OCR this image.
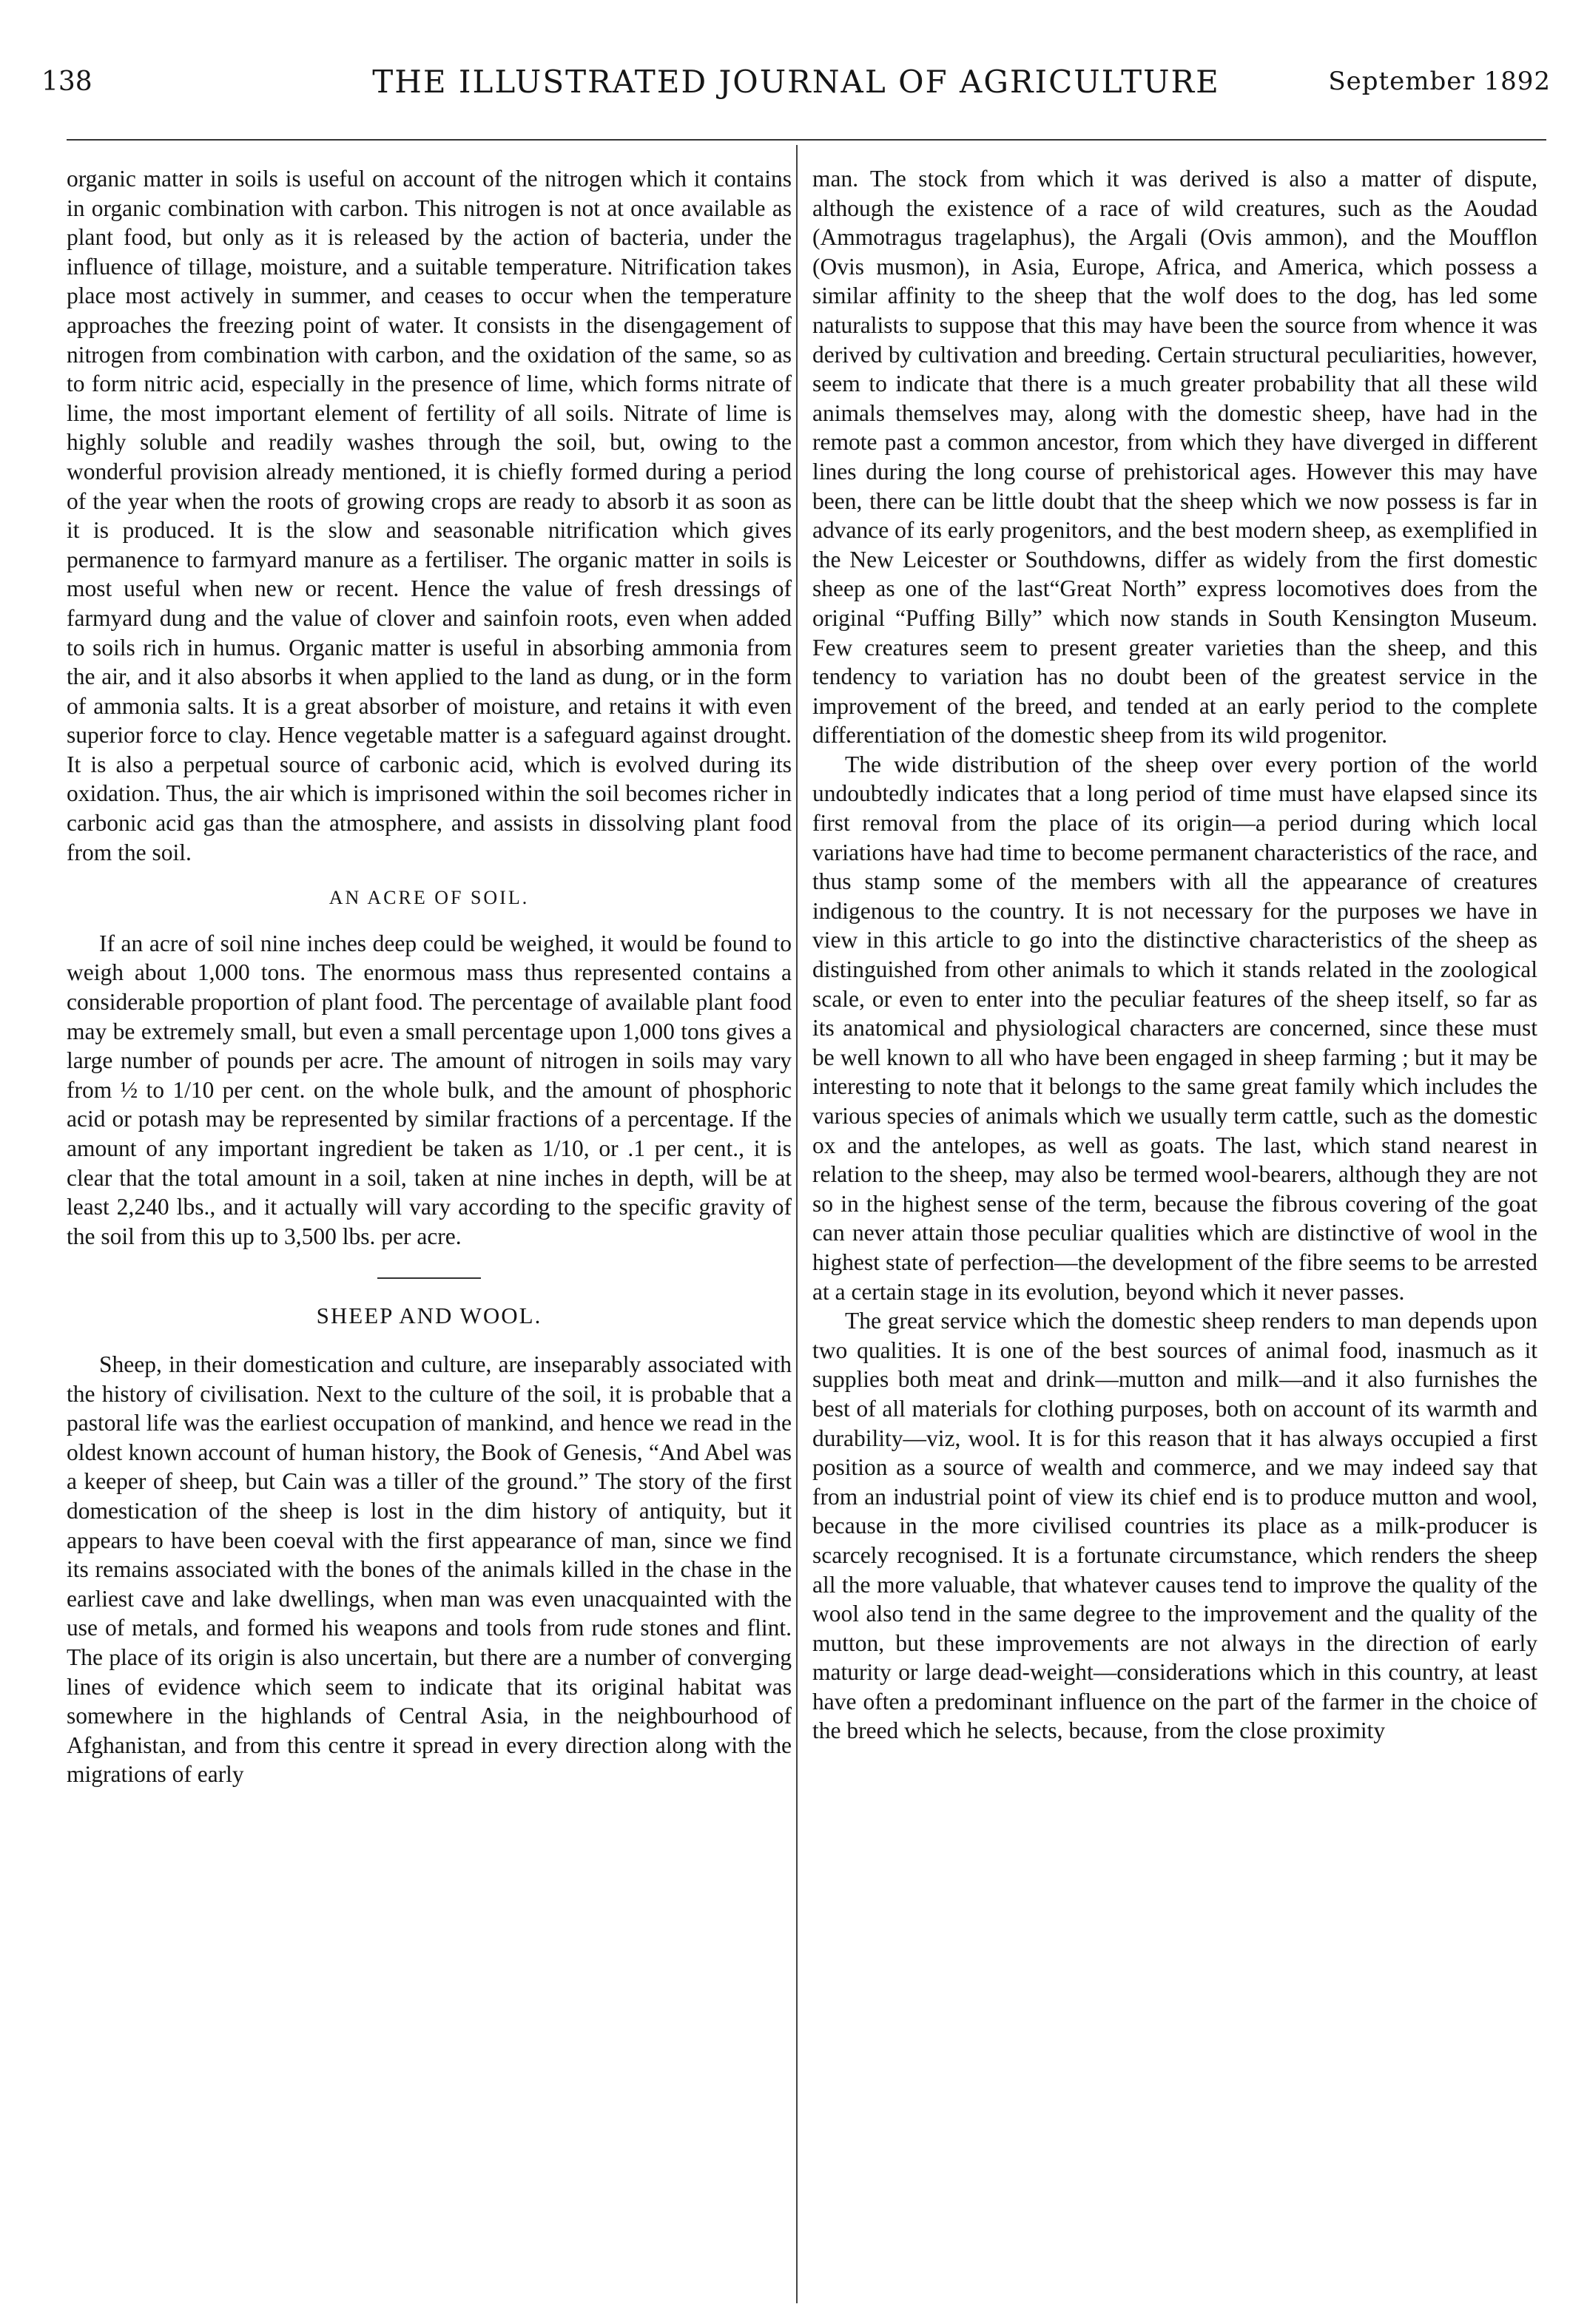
138	THE ILLUSTRATED JOURNAL OF AGRICULTURE	September 1892

organic matter in soils is useful on account of the nitrogen which it contains in organic combination with carbon. This nitrogen is not at once available as plant food, but only as it is released by the action of bacteria, under the influence of tillage, moisture, and a suitable temperature. Nitrification takes place most actively in summer, and ceases to occur when the temperature approaches the freezing point of water. It consists in the disengagement of nitrogen from combination with carbon, and the oxidation of the same, so as to form nitric acid, especially in the presence of lime, which forms nitrate of lime, the most important element of fertility of all soils. Nitrate of lime is highly soluble and readily washes through the soil, but, owing to the wonderful provision already mentioned, it is chiefly formed during a period of the year when the roots of growing crops are ready to absorb it as soon as it is produced. It is the slow and seasonable nitrification which gives permanence to farmyard manure as a fertiliser. The organic matter in soils is most useful when new or recent. Hence the value of fresh dressings of farmyard dung and the value of clover and sainfoin roots, even when added to soils rich in humus. Organic matter is useful in absorbing ammonia from the air, and it also absorbs it when applied to the land as dung, or in the form of ammonia salts. It is a great absorber of moisture, and retains it with even superior force to clay. Hence vegetable matter is a safeguard against drought. It is also a perpetual source of carbonic acid, which is evolved during its oxidation. Thus, the air which is imprisoned within the soil becomes richer in carbonic acid gas than the atmosphere, and assists in dissolving plant food from the soil.

AN ACRE OF SOIL.

If an acre of soil nine inches deep could be weighed, it would be found to weigh about 1,000 tons. The enormous mass thus represented contains a considerable proportion of plant food. The percentage of available plant food may be extremely small, but even a small percentage upon 1,000 tons gives a large number of pounds per acre. The amount of nitrogen in soils may vary from ½ to 1/10 per cent. on the whole bulk, and the amount of phosphoric acid or potash may be represented by similar fractions of a percentage. If the amount of any important ingredient be taken as 1/10, or .1 per cent., it is clear that the total amount in a soil, taken at nine inches in depth, will be at least 2,240 lbs., and it actually will vary according to the specific gravity of the soil from this up to 3,500 lbs. per acre.

SHEEP AND WOOL.

Sheep, in their domestication and culture, are inseparably associated with the history of civilisation. Next to the culture of the soil, it is probable that a pastoral life was the earliest occupation of mankind, and hence we read in the oldest known account of human history, the Book of Genesis, “And Abel was a keeper of sheep, but Cain was a tiller of the ground.” The story of the first domestication of the sheep is lost in the dim history of antiquity, but it appears to have been coeval with the first appearance of man, since we find its remains associated with the bones of the animals killed in the chase in the earliest cave and lake dwellings, when man was even unacquainted with the use of metals, and formed his weapons and tools from rude stones and flint. The place of its origin is also uncertain, but there are a number of converging lines of evidence which seem to indicate that its original habitat was somewhere in the highlands of Central Asia, in the neighbourhood of Afghanistan, and from this centre it spread in every direction along with the migrations of early

man. The stock from which it was derived is also a matter of dispute, although the existence of a race of wild creatures, such as the Aoudad (Ammotragus tragelaphus), the Argali (Ovis ammon), and the Moufflon (Ovis musmon), in Asia, Europe, Africa, and America, which possess a similar affinity to the sheep that the wolf does to the dog, has led some naturalists to suppose that this may have been the source from whence it was derived by cultivation and breeding. Certain structural peculiarities, however, seem to indicate that there is a much greater probability that all these wild animals themselves may, along with the domestic sheep, have had in the remote past a common ancestor, from which they have diverged in different lines during the long course of prehistorical ages. However this may have been, there can be little doubt that the sheep which we now possess is far in advance of its early progenitors, and the best modern sheep, as exemplified in the New Leicester or Southdowns, differ as widely from the first domestic sheep as one of the last“Great North” express locomotives does from the original “Puffing Billy” which now stands in South Kensington Museum. Few creatures seem to present greater varieties than the sheep, and this tendency to variation has no doubt been of the greatest service in the improvement of the breed, and tended at an early period to the complete differentiation of the domestic sheep from its wild progenitor.

The wide distribution of the sheep over every portion of the world undoubtedly indicates that a long period of time must have elapsed since its first removal from the place of its origin—a period during which local variations have had time to become permanent characteristics of the race, and thus stamp some of the members with all the appearance of creatures indigenous to the country. It is not necessary for the purposes we have in view in this article to go into the distinctive characteristics of the sheep as distinguished from other animals to which it stands related in the zoological scale, or even to enter into the peculiar features of the sheep itself, so far as its anatomical and physiological characters are concerned, since these must be well known to all who have been engaged in sheep farming ; but it may be interesting to note that it belongs to the same great family which includes the various species of animals which we usually term cattle, such as the domestic ox and the antelopes, as well as goats. The last, which stand nearest in relation to the sheep, may also be termed wool-bearers, although they are not so in the highest sense of the term, because the fibrous covering of the goat can never attain those peculiar qualities which are distinctive of wool in the highest state of perfection—the development of the fibre seems to be arrested at a certain stage in its evolution, beyond which it never passes.

The great service which the domestic sheep renders to man depends upon two qualities. It is one of the best sources of animal food, inasmuch as it supplies both meat and drink—mutton and milk—and it also furnishes the best of all materials for clothing purposes, both on account of its warmth and durability—viz, wool. It is for this reason that it has always occupied a first position as a source of wealth and commerce, and we may indeed say that from an industrial point of view its chief end is to produce mutton and wool, because in the more civilised countries its place as a milk-producer is scarcely recognised. It is a fortunate circumstance, which renders the sheep all the more valuable, that whatever causes tend to improve the quality of the wool also tend in the same degree to the improvement and the quality of the mutton, but these improvements are not always in the direction of early maturity or large dead-weight—considerations which in this country, at least have often a predominant influence on the part of the farmer in the choice of the breed which he selects, because, from the close proximity
